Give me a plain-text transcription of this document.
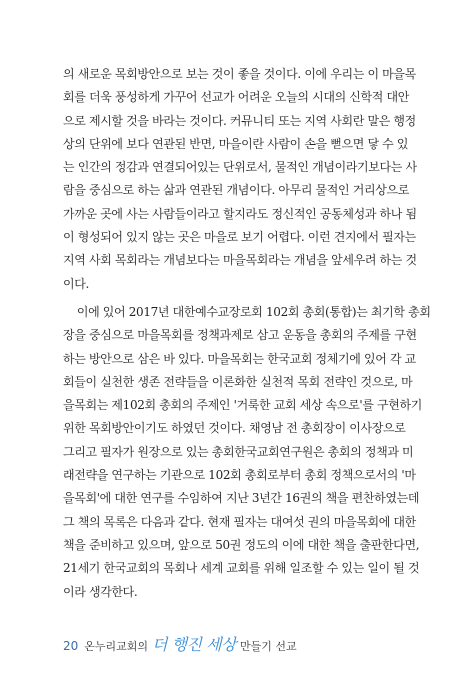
의 새로운 목회방안으로 보는 것이 좋을 것이다. 이에 우리는 이 마을목

회를 더욱 풍성하게 가꾸어 선교가 어려운 오늘의 시대의 신학적 대안

으로 제시할 것을 바라는 것이다. 커뮤니티 또는 지역 사회란 말은 행정

상의 단위에 보다 연관된 반면, 마을이란 사람이 손을 뻗으면 닿 수 있

는 인간의 정감과 연결되어있는 단위로서, 물적인 개념이라기보다는 사

람을 중심으로 하는 삶과 연관된 개념이다. 아무리 물적인 거리상으로

가까운 곳에 사는 사람들이라고 할지라도 정신적인 공동체성과 하나 됨

이 형성되어 있지 않는 곳은 마을로 보기 어렵다. 이런 견지에서 필자는

지역 사회 목회라는 개념보다는 마을목회라는 개념을 앞세우려 하는 것

이다.

이에 있어 2017년 대한예수교장로회 102회 총회(통합)는 최기학 총회

장을 중심으로 마을목회를 정책과제로 삼고 운동을 총회의 주제를 구현

하는 방안으로 삼은 바 있다. 마을목회는 한국교회 정체기에 있어 각 교

회들이 실천한 생존 전략들을 이론화한 실천적 목회 전략인 것으로, 마

을목회는 제102회 총회의 주제인 '거룩한 교회 세상 속으로'를 구현하기

위한 목회방안이기도 하였던 것이다. 채영남 전 총회장이 이사장으로

그리고 필자가 원장으로 있는 총회한국교회연구원은 총회의 정책과 미

래전략을 연구하는 기관으로 102회 총회로부터 총회 정책으로서의 '마

을목회'에 대한 연구를 수임하여 지난 3년간 16권의 책을 편찬하였는데

그 책의 목록은 다음과 같다. 현재 필자는 대여섯 권의 마을목회에 대한

책을 준비하고 있으며, 앞으로 50권 정도의 이에 대한 책을 출판한다면,

21세기 한국교회의 목회나 세계 교회를 위해 일조할 수 있는 일이 될 것

이라 생각한다.

20 온누리교회의 더 행진 세상 만들기 선교
